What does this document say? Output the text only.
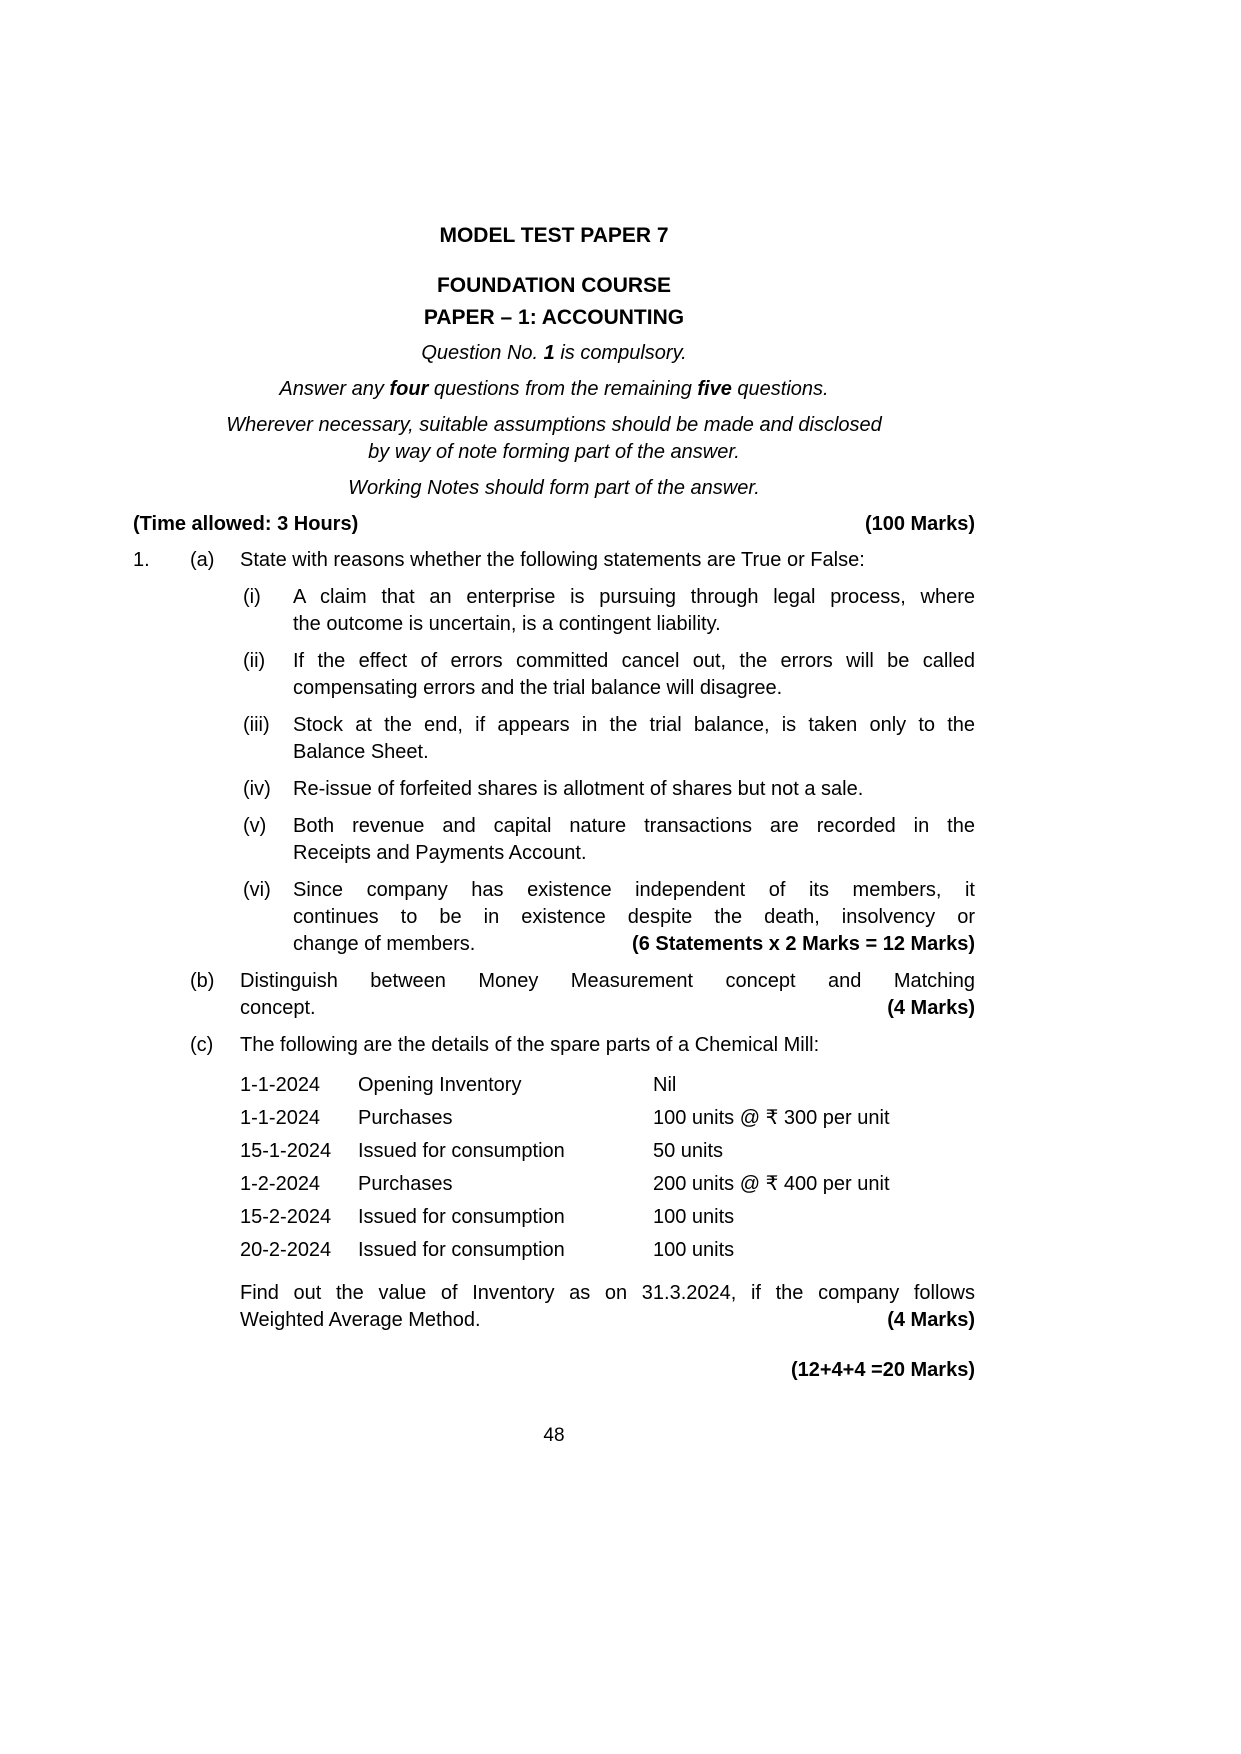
MODEL TEST PAPER 7
FOUNDATION COURSE
PAPER – 1: ACCOUNTING
Question No. 1 is compulsory.
Answer any four questions from the remaining five questions.
Wherever necessary, suitable assumptions should be made and disclosed
by way of note forming part of the answer.
Working Notes should form part of the answer.
(Time allowed: 3 Hours)	(100 Marks)
1.	(a)	State with reasons whether the following statements are True or False:
(i)	A claim that an enterprise is pursuing through legal process, where
the outcome is uncertain, is a contingent liability.
(ii)	If the effect of errors committed cancel out, the errors will be called
compensating errors and the trial balance will disagree.
(iii)	Stock at the end, if appears in the trial balance, is taken only to the
Balance Sheet.
(iv)	Re-issue of forfeited shares is allotment of shares but not a sale.
(v)	Both revenue and capital nature transactions are recorded in the
Receipts and Payments Account.
(vi)	Since company has existence independent of its members, it
continues to be in existence despite the death, insolvency or
change of members.	(6 Statements x 2 Marks = 12 Marks)
(b)	Distinguish between Money Measurement concept and Matching
concept.	(4 Marks)
(c)	The following are the details of the spare parts of a Chemical Mill:
1-1-2024	Opening Inventory	Nil
1-1-2024	Purchases	100 units @ ₹ 300 per unit
15-1-2024	Issued for consumption	50 units
1-2-2024	Purchases	200 units @ ₹ 400 per unit
15-2-2024	Issued for consumption	100 units
20-2-2024	Issued for consumption	100 units
Find out the value of Inventory as on 31.3.2024, if the company follows
Weighted Average Method.	(4 Marks)
(12+4+4 =20 Marks)
48
